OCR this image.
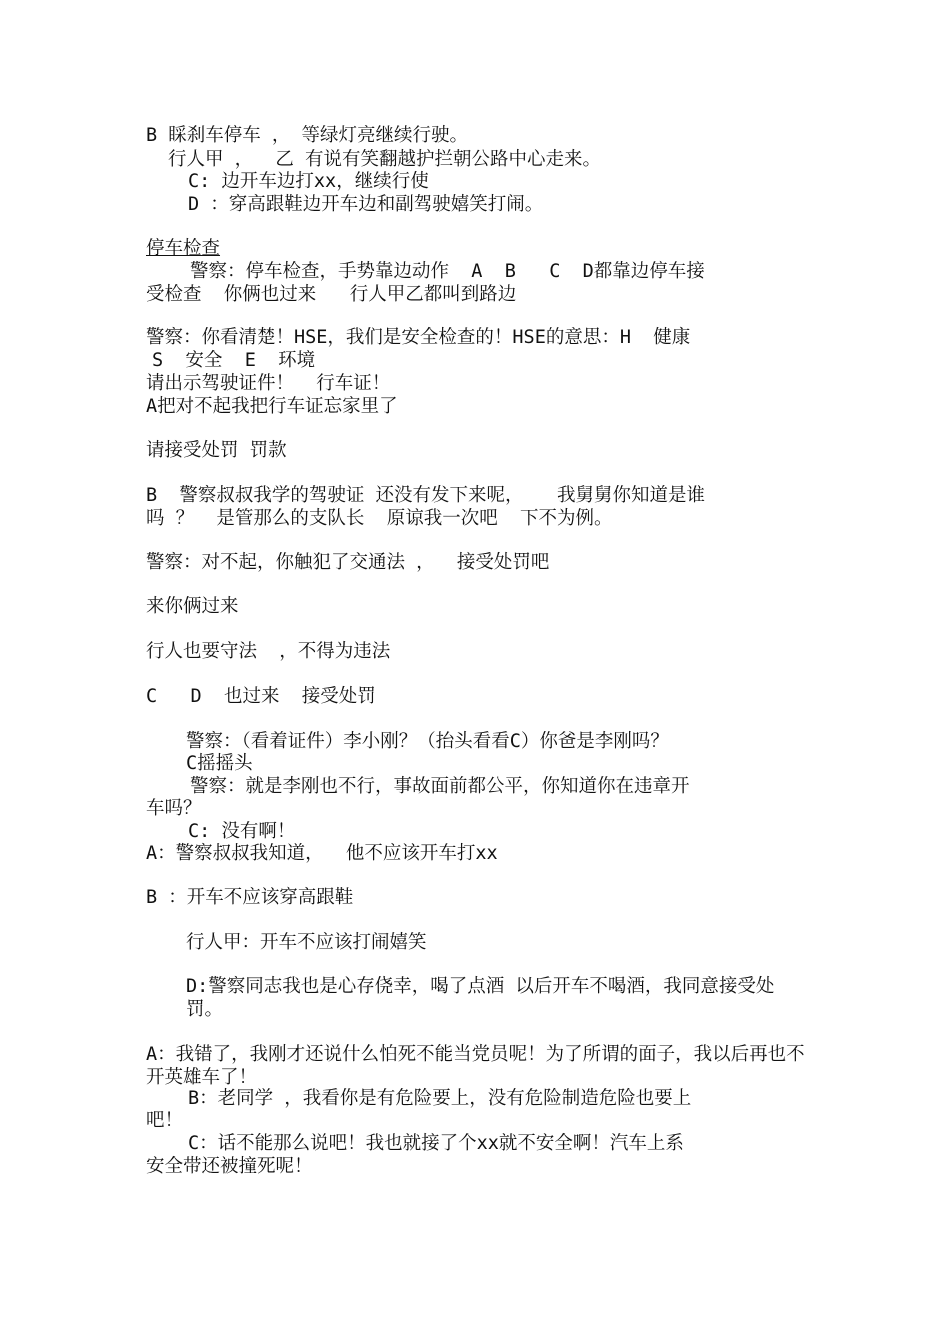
B 睬刹车停车 ， 等绿灯亮继续行驶。

行人甲 ，  乙 有说有笑翻越护拦朝公路中心走来。

C: 边开车边打xx，继续行使

D ：穿高跟鞋边开车边和副驾驶嬉笑打闹。

停车检查

警察：停车检查，手势靠边动作  A  B   C  D都靠边停车接

受检查  你俩也过来   行人甲乙都叫到路边

警察：你看清楚！HSE，我们是安全检查的！HSE的意思：H  健康

S  安全  E  环境

请出示驾驶证件！  行车证！

A把对不起我把行车证忘家里了

请接受处罚 罚款

B  警察叔叔我学的驾驶证 还没有发下来呢，   我舅舅你知道是谁

吗 ？  是管那么的支队长  原谅我一次吧  下不为例。

警察：对不起，你触犯了交通法 ，  接受处罚吧

来你俩过来

行人也要守法  ，不得为违法

C   D  也过来  接受处罚

警察：（看着证件）李小刚？（抬头看看C）你爸是李刚吗？

C摇摇头

警察：就是李刚也不行，事故面前都公平，你知道你在违章开

车吗？

C: 没有啊！

A：警察叔叔我知道，  他不应该开车打xx

B ：开车不应该穿高跟鞋

行人甲：开车不应该打闹嬉笑

D:警察同志我也是心存侥幸，喝了点酒 以后开车不喝酒，我同意接受处罚。

A：我错了，我刚才还说什么怕死不能当党员呢！为了所谓的面子，我以后再也不开英雄车了！

B：老同学 ，我看你是有危险要上，没有危险制造危险也要上

吧！

C：话不能那么说吧！我也就接了个xx就不安全啊！汽车上系

安全带还被撞死呢！
